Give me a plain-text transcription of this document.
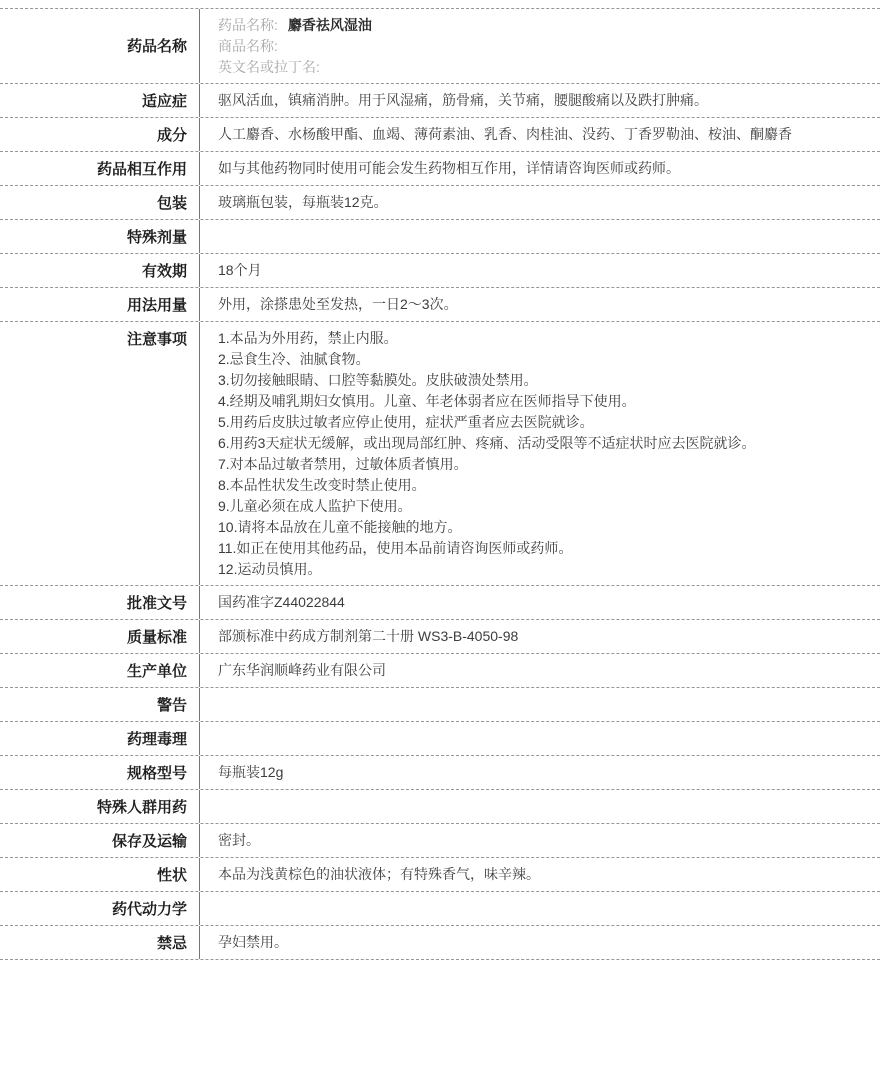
药品名称
药品名称: 麝香祛风湿油
商品名称:
英文名或拉丁名:
适应症	驱风活血，镇痛消肿。用于风湿痛，筋骨痛，关节痛，腰腿酸痛以及跌打肿痛。
成分	人工麝香、水杨酸甲酯、血竭、薄荷素油、乳香、肉桂油、没药、丁香罗勒油、桉油、酮麝香
药品相互作用	如与其他药物同时使用可能会发生药物相互作用，详情请咨询医师或药师。
包装	玻璃瓶包装，每瓶装12克。
特殊剂量
有效期	18个月
用法用量	外用，涂搽患处至发热，一日2～3次。
注意事项	1.本品为外用药，禁止内服。
2.忌食生冷、油腻食物。
3.切勿接触眼睛、口腔等黏膜处。皮肤破溃处禁用。
4.经期及哺乳期妇女慎用。儿童、年老体弱者应在医师指导下使用。
5.用药后皮肤过敏者应停止使用，症状严重者应去医院就诊。
6.用药3天症状无缓解，或出现局部红肿、疼痛、活动受限等不适症状时应去医院就诊。
7.对本品过敏者禁用，过敏体质者慎用。
8.本品性状发生改变时禁止使用。
9.儿童必须在成人监护下使用。
10.请将本品放在儿童不能接触的地方。
11.如正在使用其他药品，使用本品前请咨询医师或药师。
12.运动员慎用。
批准文号	国药准字Z44022844
质量标准	部颁标准中药成方制剂第二十册 WS3-B-4050-98
生产单位	广东华润顺峰药业有限公司
警告
药理毒理
规格型号	每瓶装12g
特殊人群用药
保存及运输	密封。
性状	本品为浅黄棕色的油状液体；有特殊香气，味辛辣。
药代动力学
禁忌	孕妇禁用。
